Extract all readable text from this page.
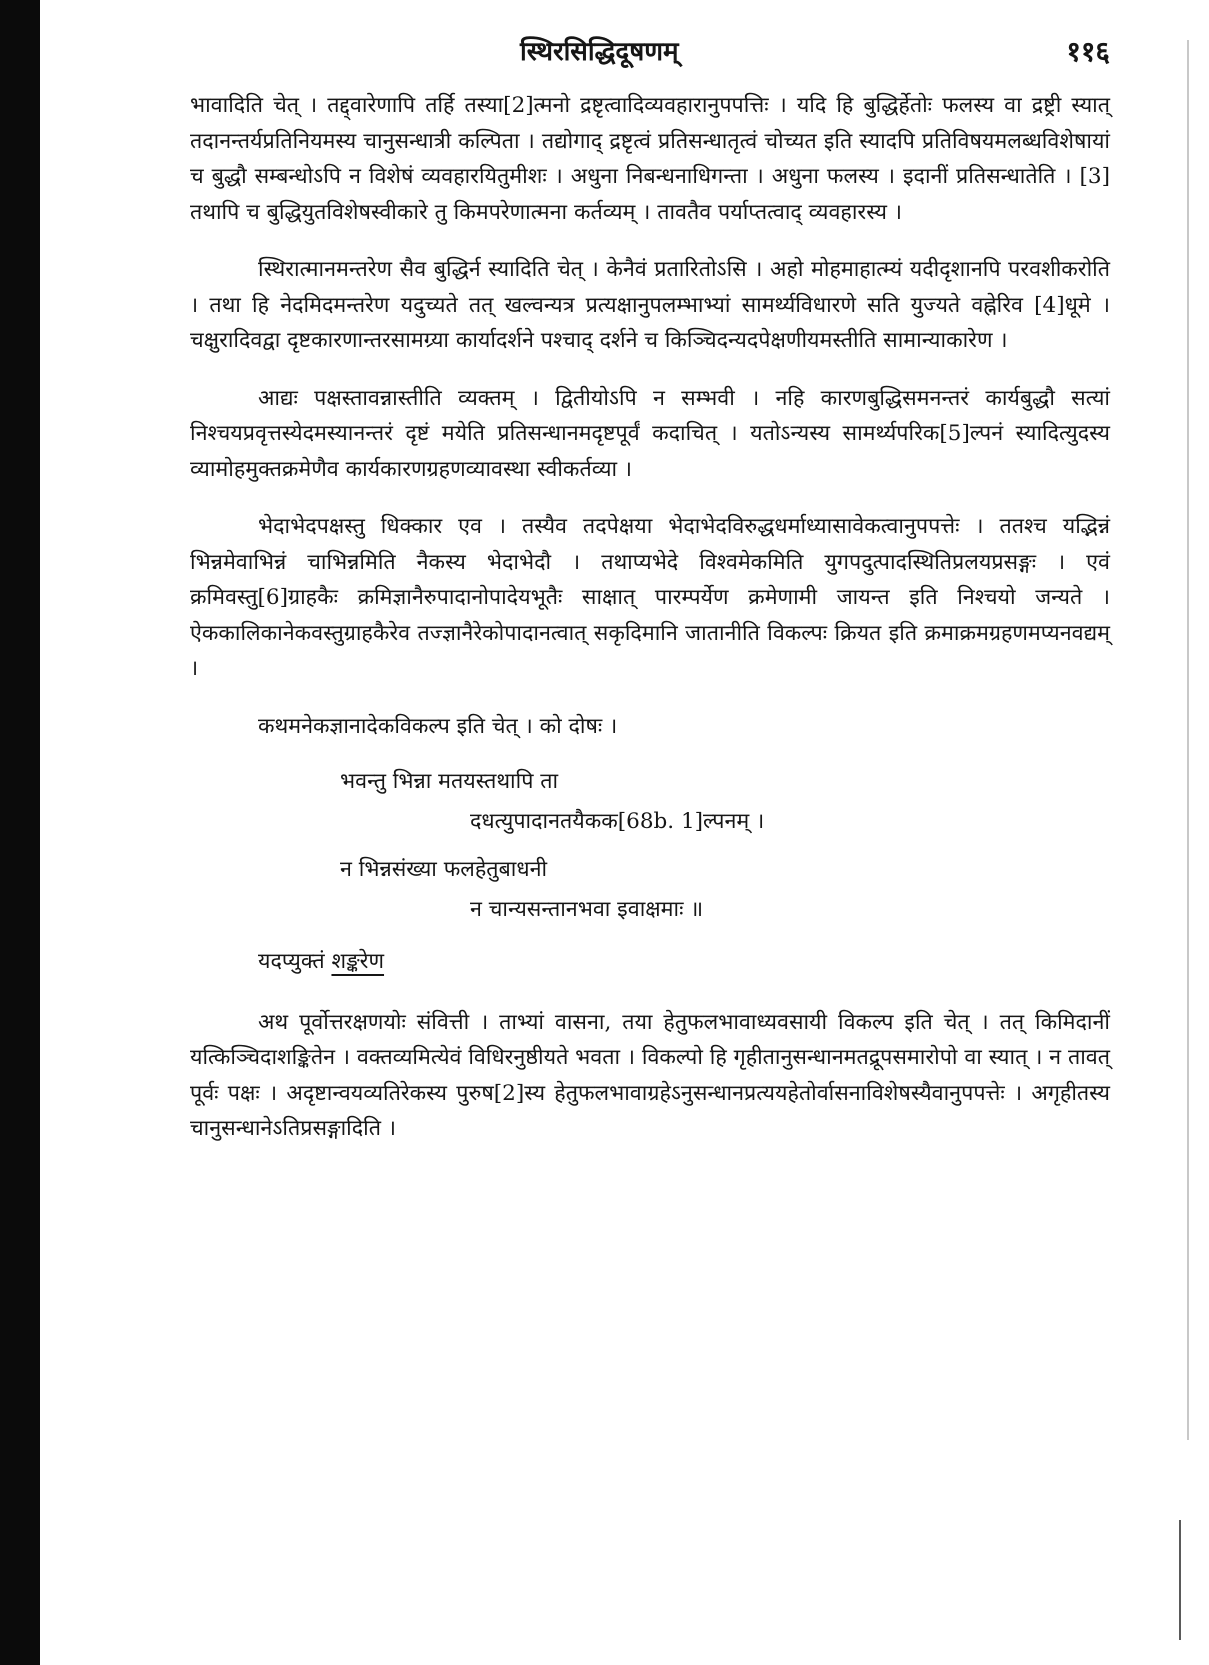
स्थिरसिद्धिदूषणम्	११६

भावादिति चेत् । तद्द्वारेणापि तर्हि तस्या[2]त्मनो द्रष्टृत्वादिव्यवहारानुपपत्तिः । यदि हि बुद्धिर्हेतोः फलस्य वा द्रष्ट्री स्यात् तदानन्तर्यप्रतिनियमस्य चानुसन्धात्री कल्पिता । तद्योगाद् द्रष्टृत्वं प्रतिसन्धातृत्वं चोच्यत इति स्यादपि प्रतिविषयमलब्धविशेषायां च बुद्धौ सम्बन्धोऽपि न विशेषं व्यवहारयितुमीशः । अधुना निबन्धनाधिगन्ता । अधुना फलस्य । इदानीं प्रतिसन्धातेति । [3] तथापि च बुद्धियुतविशेषस्वीकारे तु किमपरेणात्मना कर्तव्यम् । तावतैव पर्याप्तत्वाद् व्यवहारस्य ।

स्थिरात्मानमन्तरेण सैव बुद्धिर्न स्यादिति चेत् । केनैवं प्रतारितोऽसि । अहो मोहमाहात्म्यं यदीदृशानपि परवशीकरोति । तथा हि नेदमिदमन्तरेण यदुच्यते तत् खल्वन्यत्र प्रत्यक्षानुपलम्भाभ्यां सामर्थ्यविधारणे सति युज्यते वह्नेरिव [4]धूमे । चक्षुरादिवद्वा दृष्टकारणान्तरसामग्र्या कार्यादर्शने पश्चाद् दर्शने च किञ्चिदन्यदपेक्षणीयमस्तीति सामान्याकारेण ।

आद्यः पक्षस्तावन्नास्तीति व्यक्तम् । द्वितीयोऽपि न सम्भवी । नहि कारणबुद्धिसमनन्तरं कार्यबुद्धौ सत्यां निश्चयप्रवृत्तस्येदमस्यानन्तरं दृष्टं मयेति प्रतिसन्धानमदृष्टपूर्वं कदाचित् । यतोऽन्यस्य सामर्थ्यपरिक[5]ल्पनं स्यादित्युदस्य व्यामोहमुक्तक्रमेणैव कार्यकारणग्रहणव्यावस्था स्वीकर्तव्या ।

भेदाभेदपक्षस्तु धिक्कार एव । तस्यैव तदपेक्षया भेदाभेदविरुद्धधर्माध्यासावेकत्वानुपपत्तेः । ततश्च यद्भिन्नं भिन्नमेवाभिन्नं चाभिन्नमिति नैकस्य भेदाभेदौ । तथाप्यभेदे विश्वमेकमिति युगपदुत्पादस्थितिप्रलयप्रसङ्गः । एवं क्रमिवस्तु[6]ग्राहकैः क्रमिज्ञानैरुपादानोपादेयभूतैः साक्षात् पारम्पर्येण क्रमेणामी जायन्त इति निश्चयो जन्यते । ऐककालिकानेकवस्तुग्राहकैरेव तज्ज्ञानैरेकोपादानत्वात् सकृदिमानि जातानीति विकल्पः क्रियत इति क्रमाक्रमग्रहणमप्यनवद्यम् ।

कथमनेकज्ञानादेकविकल्प इति चेत् । को दोषः ।
भवन्तु भिन्ना मतयस्तथापि ता
दधत्युपादानतयैकक[68b. 1]ल्पनम् ।
न भिन्नसंख्या फलहेतुबाधनी
न चान्यसन्तानभवा इवाक्षमाः ॥
यदप्युक्तं शङ्करेण

अथ पूर्वोत्तरक्षणयोः संवित्ती । ताभ्यां वासना, तया हेतुफलभावाध्यवसायी विकल्प इति चेत् । तत् किमिदानीं यत्किञ्चिदाशङ्कितेन । वक्तव्यमित्येवं विधिरनुष्ठीयते भवता । विकल्पो हि गृहीतानुसन्धानमतद्रूपसमारोपो वा स्यात् । न तावत् पूर्वः पक्षः । अदृष्टान्वयव्यतिरेकस्य पुरुष[2]स्य हेतुफलभावाग्रहेऽनुसन्धानप्रत्ययहेतोर्वासनाविशेषस्यैवानुपपत्तेः । अगृहीतस्य चानुसन्धानेऽतिप्रसङ्गादिति ।
